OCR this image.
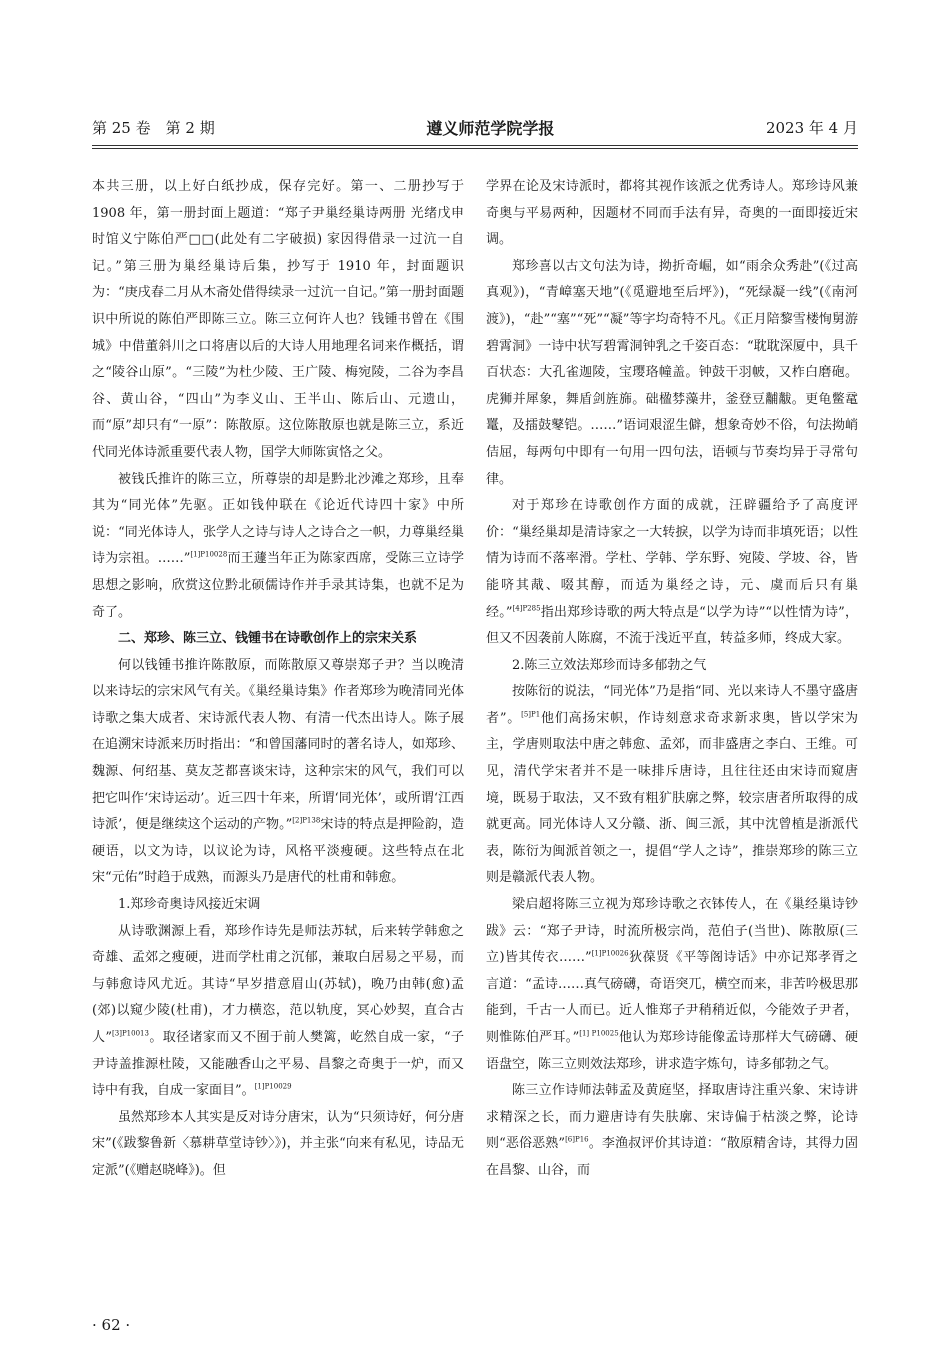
第 25 卷　第 2 期	遵义师范学院学报	2023 年 4 月

本共三册，以上好白纸抄成，保存完好。第一、二册抄写于 1908 年，第一册封面上题道：“郑子尹巢经巢诗两册 光绪戊申时馆义宁陈伯严□□(此处有二字破损) 家因得借录一过沆一自记。”第三册为巢经巢诗后集，抄写于 1910 年，封面题识为：“庚戌春二月从木斋处借得续录一过沆一自记。”第一册封面题识中所说的陈伯严即陈三立。陈三立何许人也？钱锺书曾在《围城》中借董斜川之口将唐以后的大诗人用地理名词来作概括，谓之“陵谷山原”。“三陵”为杜少陵、王广陵、梅宛陵，二谷为李昌谷、黄山谷，“四山”为李义山、王半山、陈后山、元遗山，而“原”却只有“一原”：陈散原。这位陈散原也就是陈三立，系近代同光体诗派重要代表人物，国学大师陈寅恪之父。

被钱氏推许的陈三立，所尊崇的却是黔北沙滩之郑珍，且奉其为“同光体”先驱。正如钱仲联在《论近代诗四十家》中所说：“同光体诗人，张学人之诗与诗人之诗合之一帜，力尊巢经巢诗为宗祖。……”$^{[1]P10028}$而王蘧当年正为陈家西席，受陈三立诗学思想之影响，欣赏这位黔北硕儒诗作并手录其诗集，也就不足为奇了。

二、郑珍、陈三立、钱锺书在诗歌创作上的宗宋关系

何以钱锺书推许陈散原，而陈散原又尊崇郑子尹？当以晚清以来诗坛的宗宋风气有关。《巢经巢诗集》作者郑珍为晚清同光体诗歌之集大成者、宋诗派代表人物、有清一代杰出诗人。陈子展在追溯宋诗派来历时指出：“和曾国藩同时的著名诗人，如郑珍、魏源、何绍基、莫友芝都喜谈宋诗，这种宗宋的风气，我们可以把它叫作‘宋诗运动’。近三四十年来，所谓‘同光体’，或所谓‘江西诗派’，便是继续这个运动的产物。”$^{[2]P138}$宋诗的特点是押险韵，造硬语，以文为诗，以议论为诗，风格平淡瘦硬。这些特点在北宋“元佑”时趋于成熟，而源头乃是唐代的杜甫和韩愈。

1.郑珍奇奥诗风接近宋调

从诗歌渊源上看，郑珍作诗先是师法苏轼，后来转学韩愈之奇雄、孟郊之瘦硬，进而学杜甫之沉郁，兼取白居易之平易，而与韩愈诗风尤近。其诗“早岁措意眉山(苏轼)，晚乃由韩(愈)孟(郊)以窥少陵(杜甫)，才力横恣，范以轨度，冥心妙契，直合古人”$^{[3]P10013}$。取径诸家而又不囿于前人樊篱，屹然自成一家，“子尹诗盖推源杜陵，又能融香山之平易、昌黎之奇奥于一炉，而又诗中有我，自成一家面目”。$^{[1]P10029}$

虽然郑珍本人其实是反对诗分唐宋，认为“只须诗好，何分唐宋”(《跋黎鲁新〈慕耕草堂诗钞〉》)，并主张“向来有私见，诗品无定派”(《赠赵晓峰》)。但

学界在论及宋诗派时，都将其视作该派之优秀诗人。郑珍诗风兼奇奥与平易两种，因题材不同而手法有异，奇奥的一面即接近宋调。

郑珍喜以古文句法为诗，拗折奇崛，如“雨余众秀赴”(《过高真观》)，“青嶂塞天地”(《觅避地至后坪》)，“死绿凝一线”(《南河渡》)，“赴”“塞”“死”“凝”等字均奇特不凡。《正月陪黎雪楼恂舅游碧霄洞》一诗中状写碧霄洞钟乳之千姿百态：“耽耽深厦中，具千百状态：大孔雀迦陵，宝璎珞幢盖。钟鼓干羽帔，又柞白磨砲。虎狮并犀象，舞盾剑旌旆。础楹棼藻井，釜登豆黼黻。更龟鳖鼋鼍，及擂鼓鼕铠。……”语词艰涩生僻，想象奇妙不俗，句法拗峭佶屈，每两句中即有一句用一四句法，语顿与节奏均异于寻常句律。

对于郑珍在诗歌创作方面的成就，汪辟疆给予了高度评价：“巢经巢却是清诗家之一大转捩，以学为诗而非填死语；以性情为诗而不落率滑。学杜、学韩、学东野、宛陵、学坡、谷，皆能哜其胾、啜其醇，而适为巢经之诗，元、虞而后只有巢经。”$^{[4]P285}$指出郑珍诗歌的两大特点是“以学为诗”“以性情为诗”，但又不因袭前人陈腐，不流于浅近平直，转益多师，终成大家。

2.陈三立效法郑珍而诗多郁勃之气

按陈衍的说法，“同光体”乃是指“同、光以来诗人不墨守盛唐者”。$^{[5]P1}$他们高扬宋帜，作诗刻意求奇求新求奥，皆以学宋为主，学唐则取法中唐之韩愈、孟郊，而非盛唐之李白、王维。可见，清代学宋者并不是一味排斥唐诗，且往往还由宋诗而窥唐境，既易于取法，又不致有粗犷肤廓之弊，较宗唐者所取得的成就更高。同光体诗人又分赣、浙、闽三派，其中沈曾植是浙派代表，陈衍为闽派首领之一，提倡“学人之诗”，推崇郑珍的陈三立则是赣派代表人物。

梁启超将陈三立视为郑珍诗歌之衣钵传人，在《巢经巢诗钞跋》云：“郑子尹诗，时流所极宗尚，范伯子(当世)、陈散原(三立)皆其传衣……”$^{[1]P10026}$狄葆贤《平等阁诗话》中亦记郑孝胥之言道：“孟诗……真气磅礴，奇语突兀，横空而来，非苦吟极思那能到，千古一人而已。近人惟郑子尹稍稍近似，今能效子尹者，则惟陈伯严耳。”$^{[1] P10025}$他认为郑珍诗能像孟诗那样大气磅礴、硬语盘空，陈三立则效法郑珍，讲求造字炼句，诗多郁勃之气。

陈三立作诗师法韩孟及黄庭坚，择取唐诗注重兴象、宋诗讲求精深之长，而力避唐诗有失肤廓、宋诗偏于枯淡之弊，论诗则“恶俗恶熟”$^{[6]P16}$。李渔叔评价其诗道：“散原精舍诗，其得力固在昌黎、山谷，而

· 62 ·
